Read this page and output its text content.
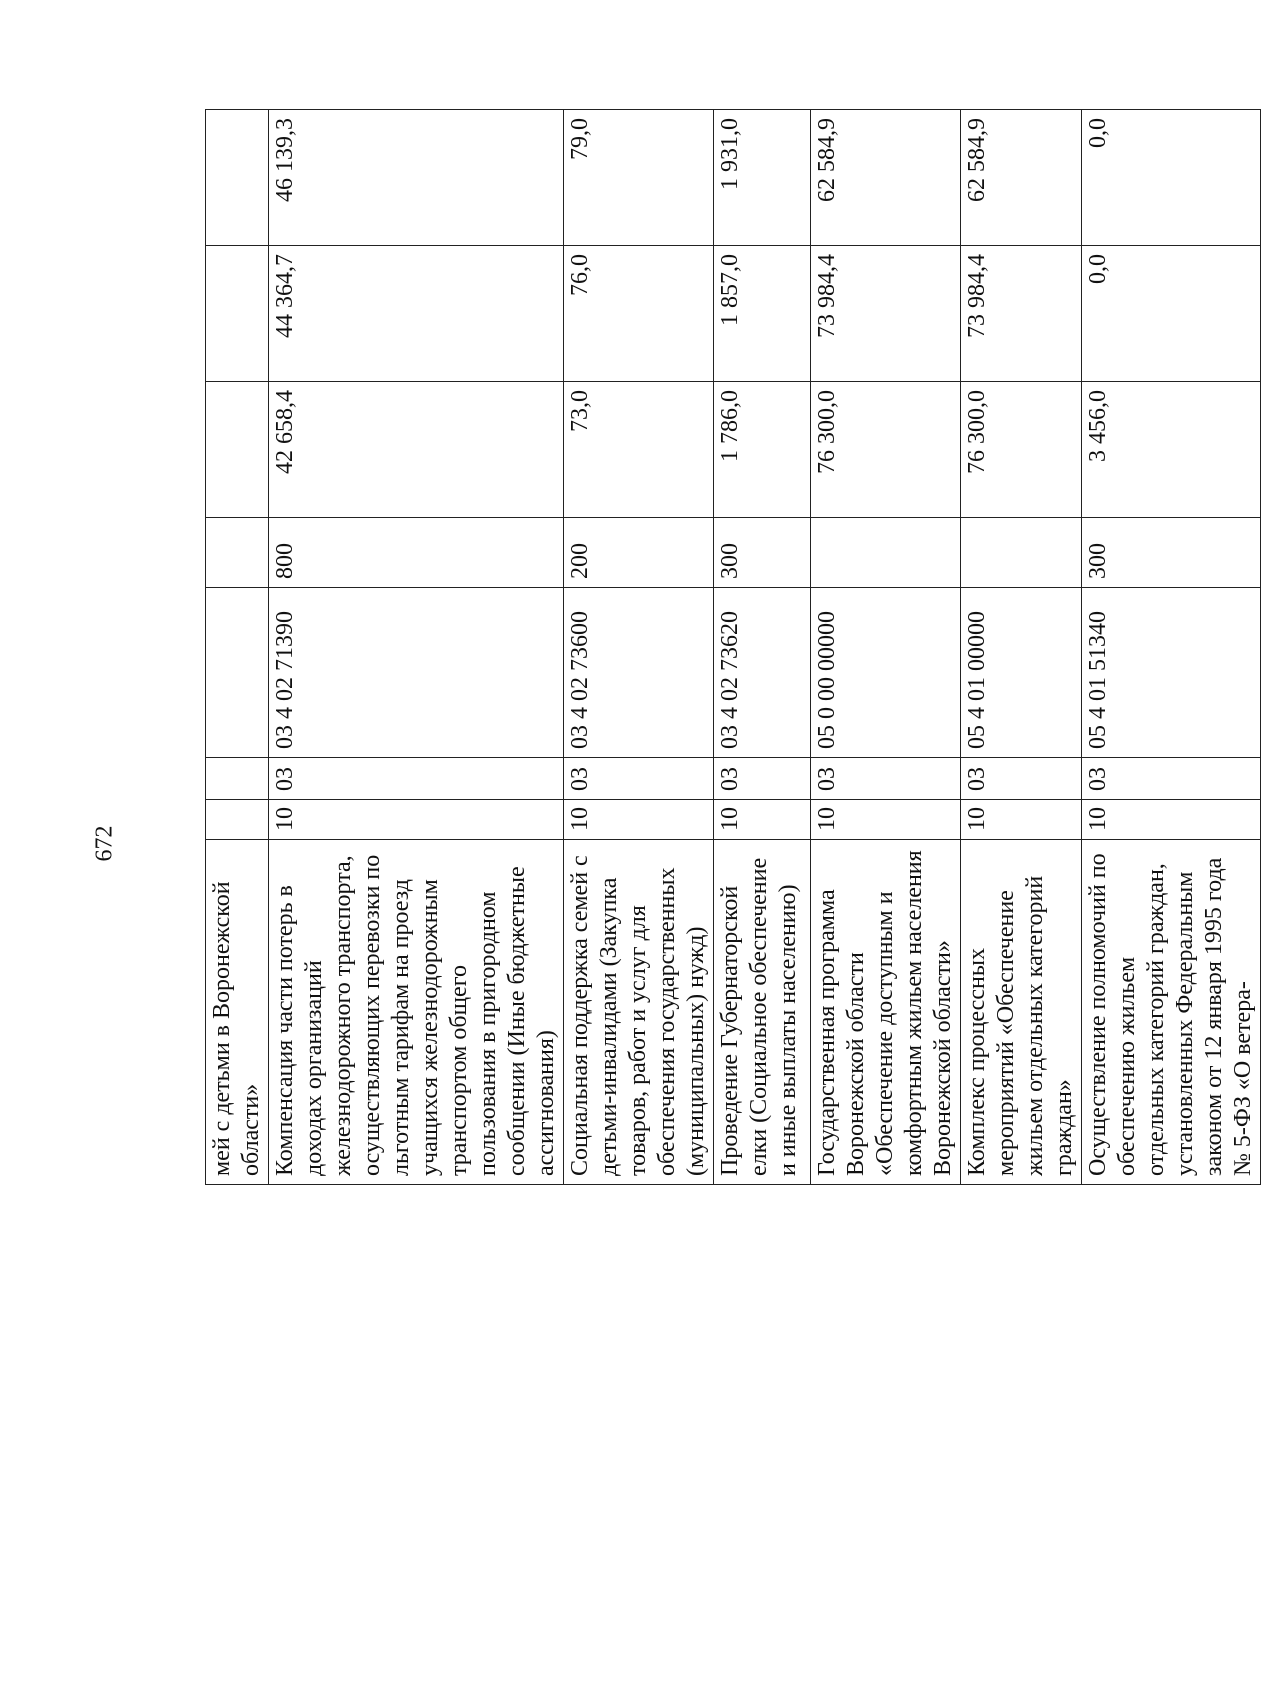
672
мей с детьми в Воронежской области»							
Компенсация части потерь в доходах организаций железнодорожного транспорта, осуществляющих перевозки по льготным тарифам на проезд учащихся железнодорожным транспортом общего пользования в пригородном сообщении (Иные бюджетные ассигнования)	10	03	03 4 02 71390	800	42 658,4	44 364,7	46 139,3
Социальная поддержка семей с детьми-инвалидами (Закупка товаров, работ и услуг для обеспечения государственных (муниципальных) нужд)	10	03	03 4 02 73600	200	73,0	76,0	79,0
Проведение Губернаторской елки (Социальное обеспечение и иные выплаты населению)	10	03	03 4 02 73620	300	1 786,0	1 857,0	1 931,0
Государственная программа Воронежской области «Обеспечение доступным и комфортным жильем населения Воронежской области»	10	03	05 0 00 00000		76 300,0	73 984,4	62 584,9
Комплекс процессных мероприятий «Обеспечение жильем отдельных категорий граждан»	10	03	05 4 01 00000		76 300,0	73 984,4	62 584,9
Осуществление полномочий по обеспечению жильем отдельных категорий граждан, установленных Федеральным законом от 12 января 1995 года № 5-ФЗ «О ветера-	10	03	05 4 01 51340	300	3 456,0	0,0	0,0
